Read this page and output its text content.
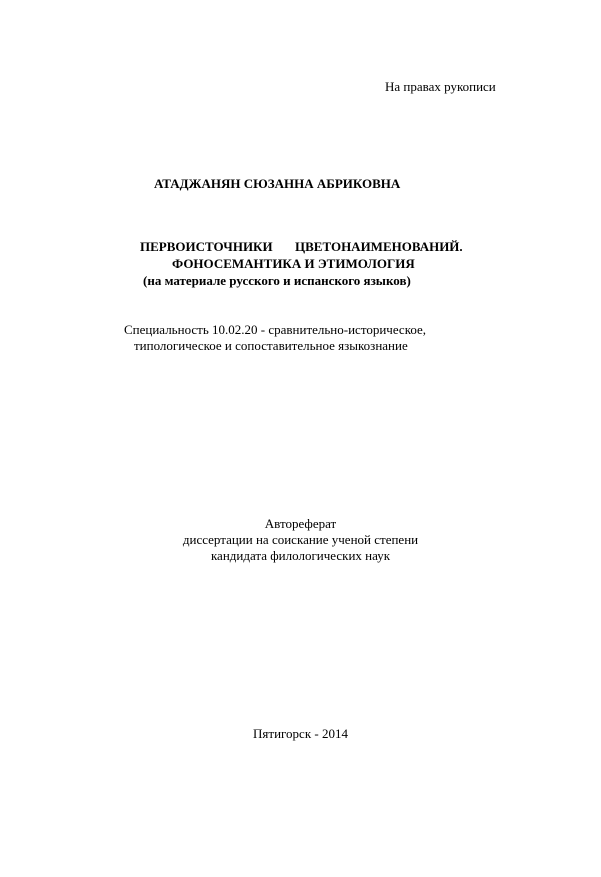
На правах рукописи
АТАДЖАНЯН СЮЗАННА АБРИКОВНА
ПЕРВОИСТОЧНИКИ ЦВЕТОНАИМЕНОВАНИЙ.
ФОНОСЕМАНТИКА И ЭТИМОЛОГИЯ
(на материале русского и испанского языков)
Специальность 10.02.20 - сравнительно-историческое,
типологическое и сопоставительное языкознание
Автореферат
диссертации на соискание ученой степени
кандидата филологических наук
Пятигорск - 2014
